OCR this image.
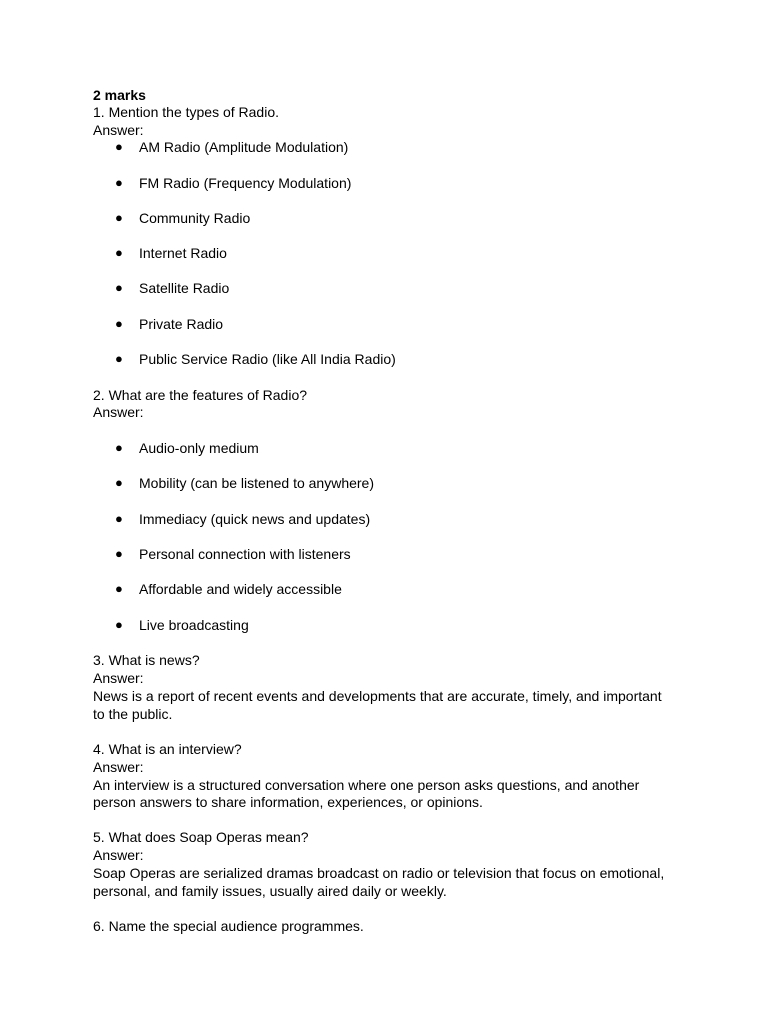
2 marks
1. Mention the types of Radio.
Answer:
● AM Radio (Amplitude Modulation)
● FM Radio (Frequency Modulation)
● Community Radio
● Internet Radio
● Satellite Radio
● Private Radio
● Public Service Radio (like All India Radio)
2. What are the features of Radio?
Answer:
● Audio-only medium
● Mobility (can be listened to anywhere)
● Immediacy (quick news and updates)
● Personal connection with listeners
● Affordable and widely accessible
● Live broadcasting
3. What is news?
Answer:
News is a report of recent events and developments that are accurate, timely, and important
to the public.
4. What is an interview?
Answer:
An interview is a structured conversation where one person asks questions, and another
person answers to share information, experiences, or opinions.
5. What does Soap Operas mean?
Answer:
Soap Operas are serialized dramas broadcast on radio or television that focus on emotional,
personal, and family issues, usually aired daily or weekly.
6. Name the special audience programmes.
